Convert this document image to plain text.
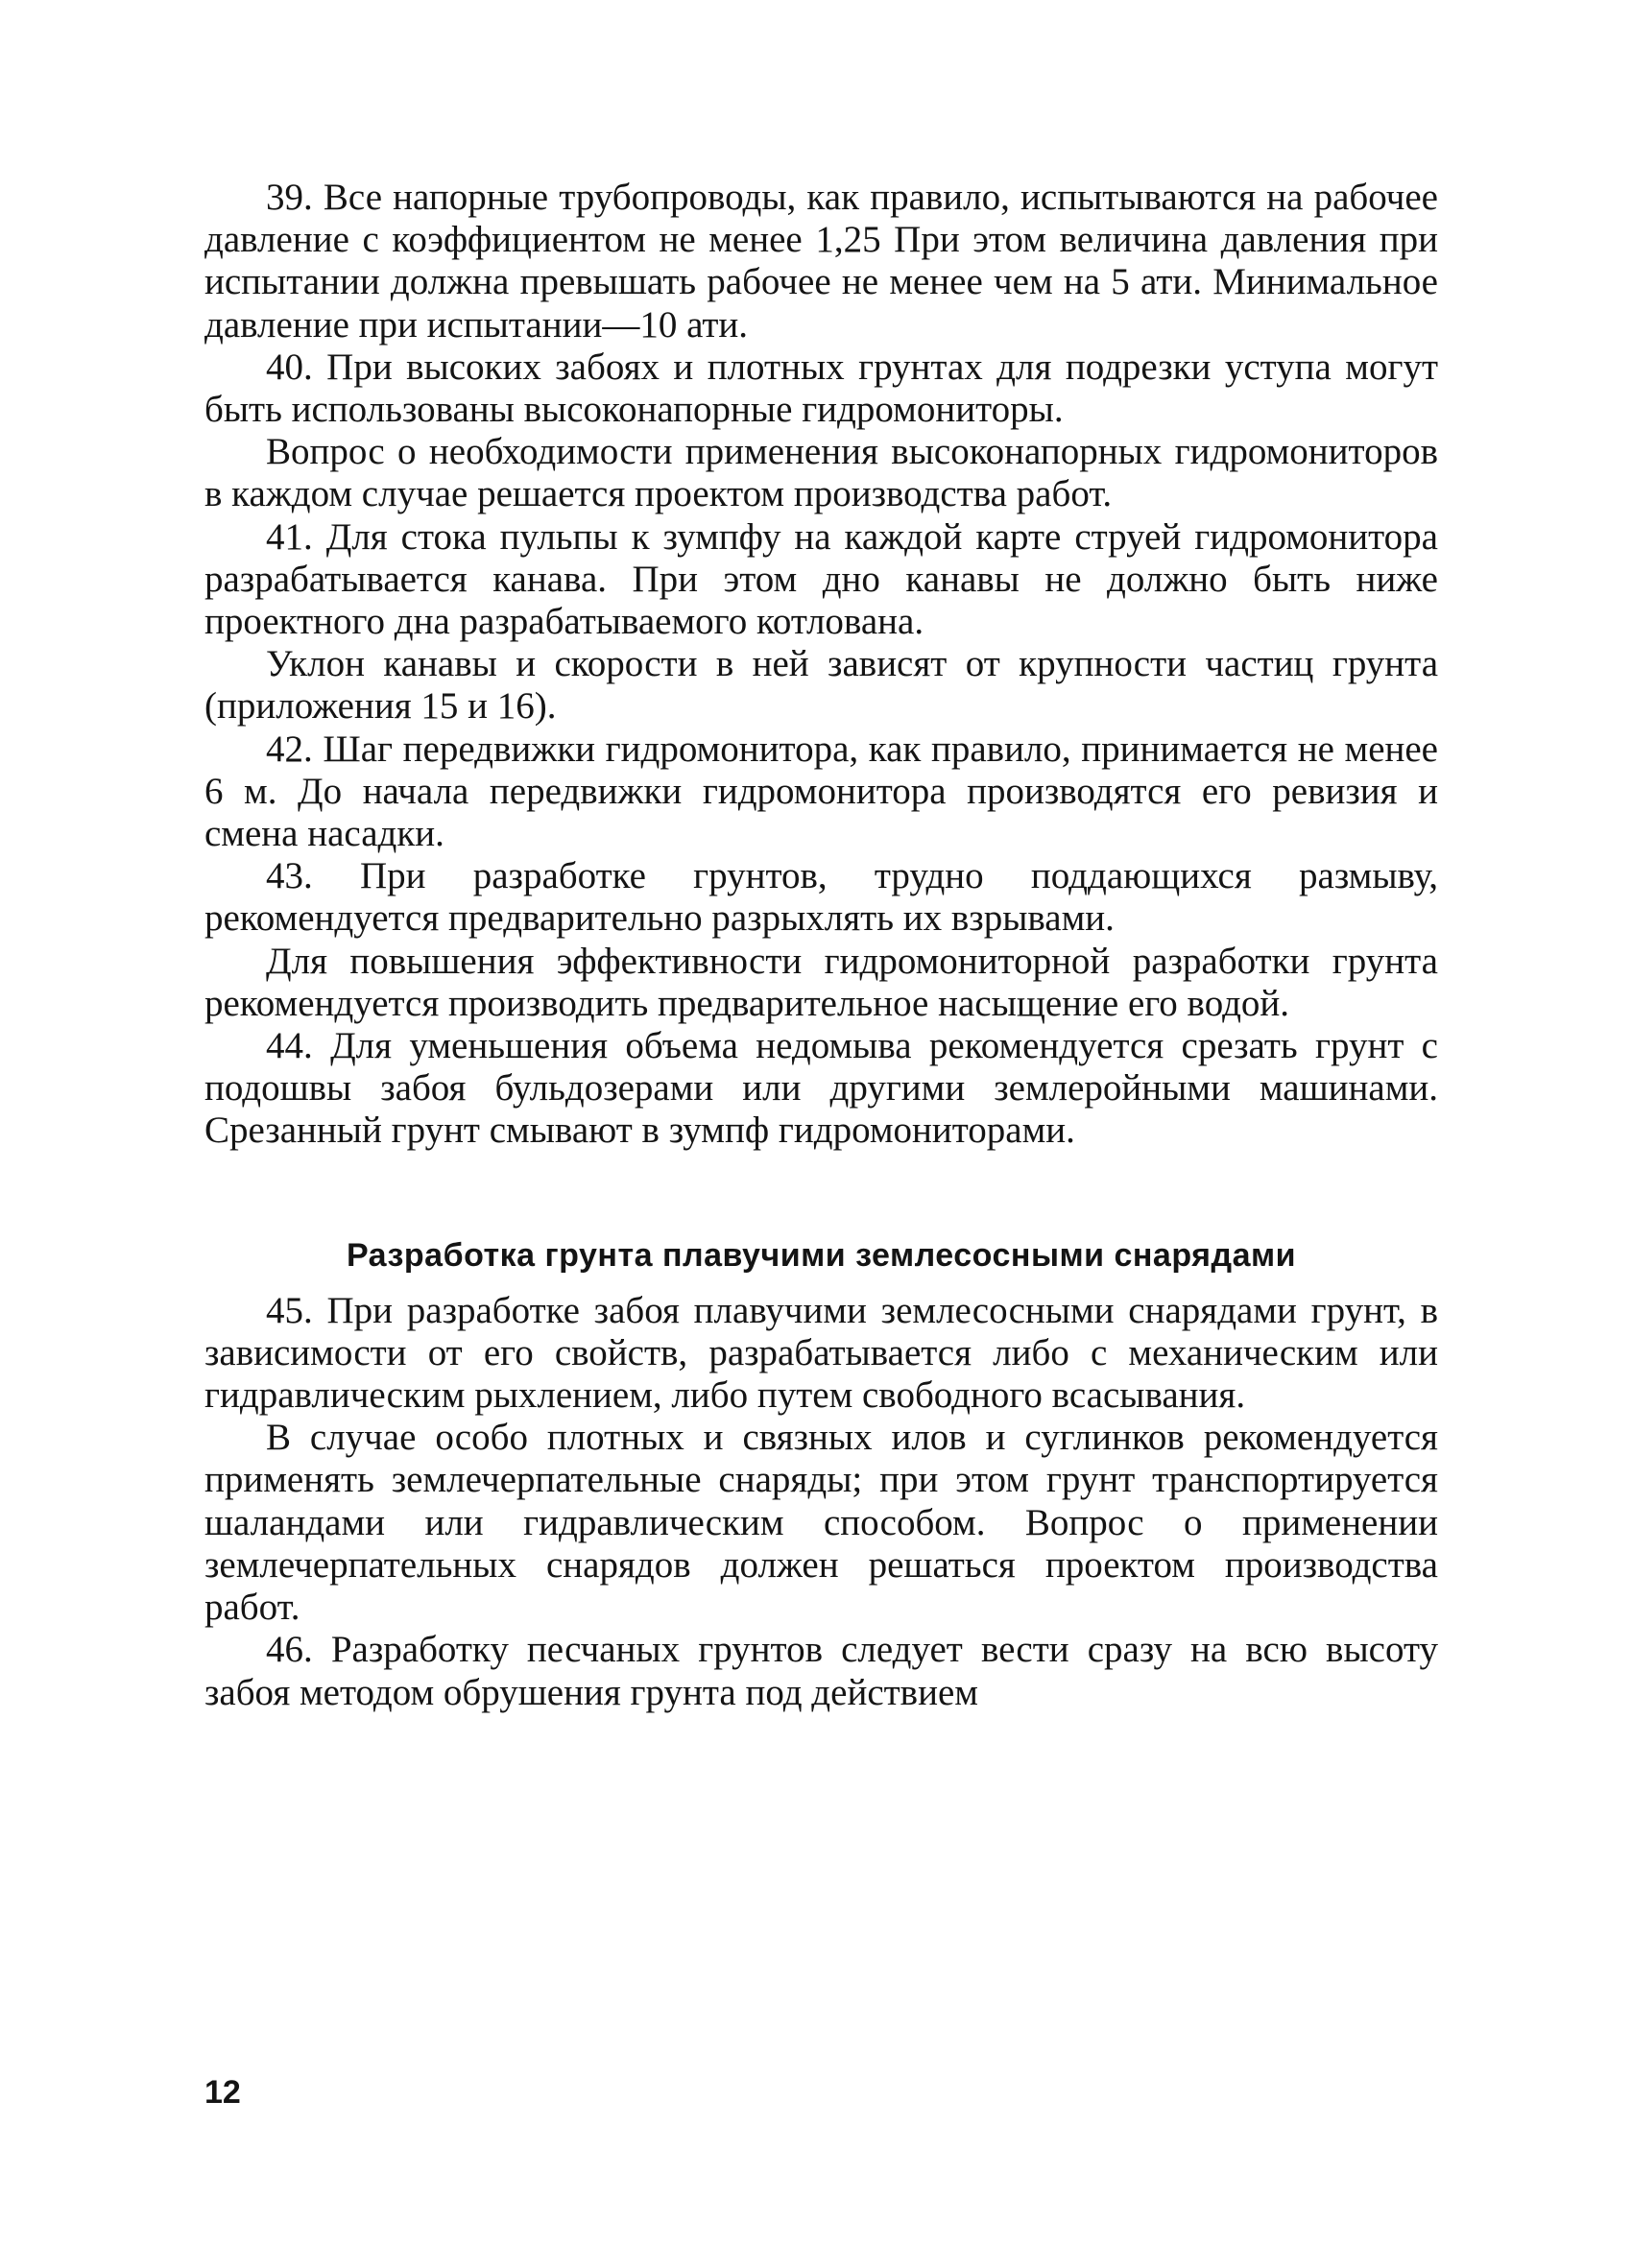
39. Все напорные трубопроводы, как правило, испытываются на рабочее давление с коэффициентом не менее 1,25 При этом величина давления при испытании должна превышать рабочее не менее чем на 5 ати. Минимальное давление при испытании—10 ати.

40. При высоких забоях и плотных грунтах для подрезки уступа могут быть использованы высоконапорные гидромониторы.

Вопрос о необходимости применения высоконапорных гидромониторов в каждом случае решается проектом производства работ.

41. Для стока пульпы к зумпфу на каждой карте струей гидромонитора разрабатывается канава. При этом дно канавы не должно быть ниже проектного дна разрабатываемого котлована.

Уклон канавы и скорости в ней зависят от крупности частиц грунта (приложения 15 и 16).

42. Шаг передвижки гидромонитора, как правило, принимается не менее 6 м. До начала передвижки гидромонитора производятся его ревизия и смена насадки.

43. При разработке грунтов, трудно поддающихся размыву, рекомендуется предварительно разрыхлять их взрывами.

Для повышения эффективности гидромониторной разработки грунта рекомендуется производить предварительное насыщение его водой.

44. Для уменьшения объема недомыва рекомендуется срезать грунт с подошвы забоя бульдозерами или другими землеройными машинами. Срезанный грунт смывают в зумпф гидромониторами.

Разработка грунта плавучими землесосными снарядами

45. При разработке забоя плавучими землесосными снарядами грунт, в зависимости от его свойств, разрабатывается либо с механическим или гидравлическим рыхлением, либо путем свободного всасывания.

В случае особо плотных и связных илов и суглинков рекомендуется применять землечерпательные снаряды; при этом грунт транспортируется шаландами или гидравлическим способом. Вопрос о применении землечерпательных снарядов должен решаться проектом производства работ.

46. Разработку песчаных грунтов следует вести сразу на всю высоту забоя методом обрушения грунта под действием

12
